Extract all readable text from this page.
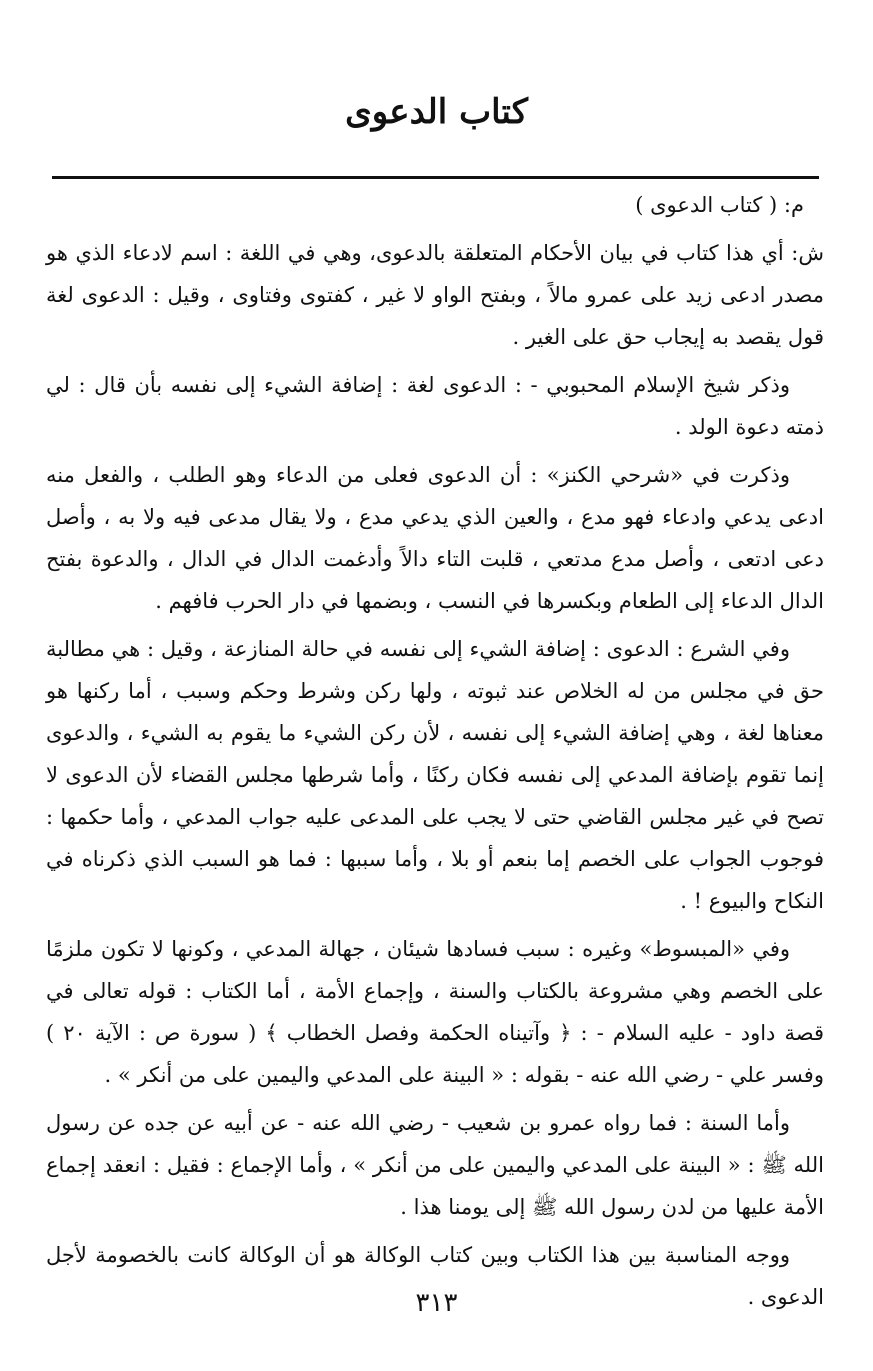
كتاب الدعوى

م: ( كتاب الدعوى )

ش: أي هذا كتاب في بيان الأحكام المتعلقة بالدعوى، وهي في اللغة : اسم لادعاء الذي هو مصدر ادعى زيد على عمرو مالاً ، وبفتح الواو لا غير ، كفتوى وفتاوى ، وقيل : الدعوى لغة قول يقصد به إيجاب حق على الغير .

وذكر شيخ الإسلام المحبوبي - : الدعوى لغة : إضافة الشيء إلى نفسه بأن قال : لي ذمته دعوة الولد .

وذكرت في «شرحي الكنز» : أن الدعوى فعلى من الدعاء وهو الطلب ، والفعل منه ادعى يدعي وادعاء فهو مدع ، والعين الذي يدعي مدع ، ولا يقال مدعى فيه ولا به ، وأصل دعى ادتعى ، وأصل مدع مدتعي ، قلبت التاء دالاً وأدغمت الدال في الدال ، والدعوة بفتح الدال الدعاء إلى الطعام وبكسرها في النسب ، وبضمها في دار الحرب فافهم .

وفي الشرع : الدعوى : إضافة الشيء إلى نفسه في حالة المنازعة ، وقيل : هي مطالبة حق في مجلس من له الخلاص عند ثبوته ، ولها ركن وشرط وحكم وسبب ، أما ركنها هو معناها لغة ، وهي إضافة الشيء إلى نفسه ، لأن ركن الشيء ما يقوم به الشيء ، والدعوى إنما تقوم بإضافة المدعي إلى نفسه فكان ركنًا ، وأما شرطها مجلس القضاء لأن الدعوى لا تصح في غير مجلس القاضي حتى لا يجب على المدعى عليه جواب المدعي ، وأما حكمها : فوجوب الجواب على الخصم إما بنعم أو بلا ، وأما سببها : فما هو السبب الذي ذكرناه في النكاح والبيوع ! .

وفي «المبسوط» وغيره : سبب فسادها شيئان ، جهالة المدعي ، وكونها لا تكون ملزمًا على الخصم وهي مشروعة بالكتاب والسنة ، وإجماع الأمة ، أما الكتاب : قوله تعالى في قصة داود - عليه السلام - : ﴿ وآتيناه الحكمة وفصل الخطاب ﴾ ( سورة ص : الآية ٢٠ ) وفسر علي - رضي الله عنه - بقوله : « البينة على المدعي واليمين على من أنكر » .

وأما السنة : فما رواه عمرو بن شعيب - رضي الله عنه - عن أبيه عن جده عن رسول الله ﷺ : « البينة على المدعي واليمين على من أنكر » ، وأما الإجماع : فقيل : انعقد إجماع الأمة عليها من لدن رسول الله ﷺ إلى يومنا هذا .

ووجه المناسبة بين هذا الكتاب وبين كتاب الوكالة هو أن الوكالة كانت بالخصومة لأجل الدعوى .

٣١٣
